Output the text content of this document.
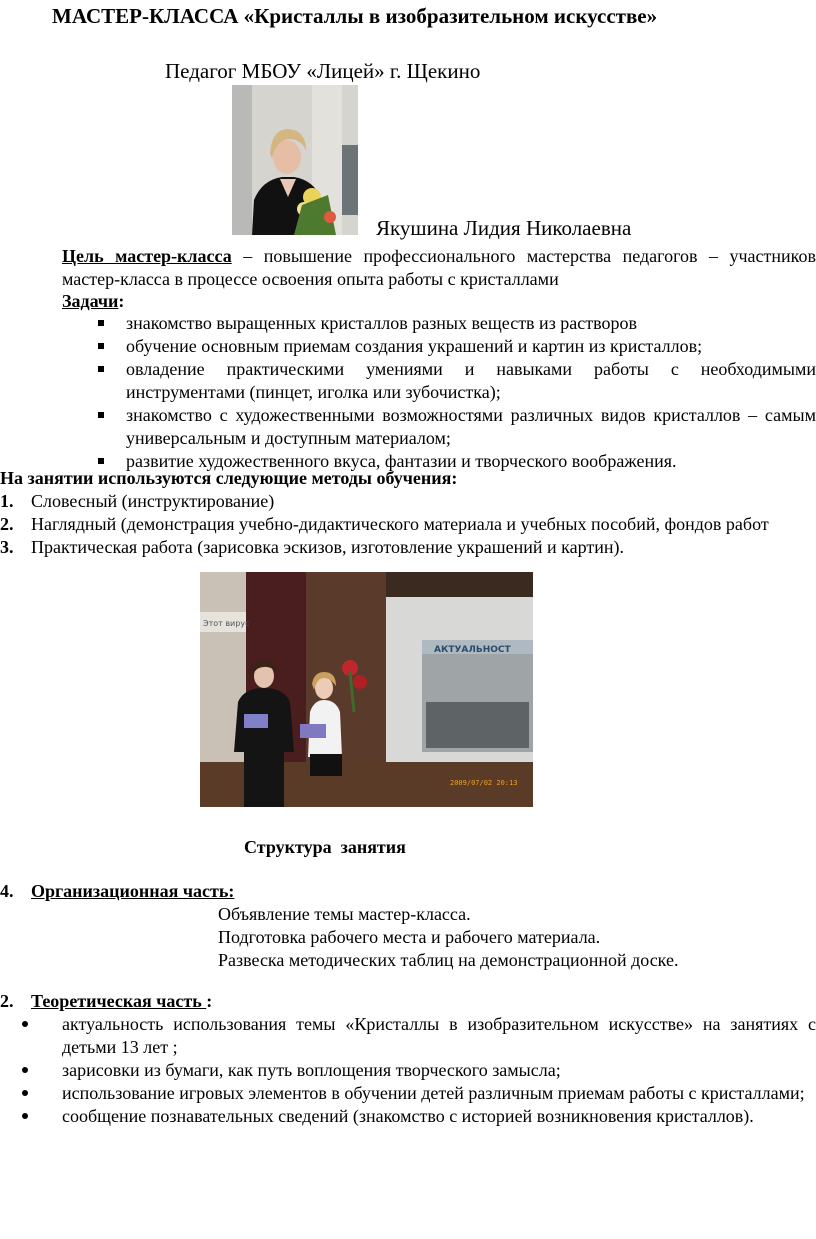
МАСТЕР-КЛАССА «Кристаллы в изобразительном искусстве»
Педагог МБОУ «Лицей» г. Щекино
Якушина Лидия Николаевна
Цель мастер-класса – повышение профессионального мастерства педагогов – участников мастер-класса в процессе освоения опыта работы с кристаллами
Задачи:
знакомство выращенных кристаллов разных веществ из растворов
обучение основным приемам создания украшений и картин из кристаллов;
овладение практическими умениями и навыками работы с необходимыми инструментами (пинцет, иголка или зубочистка);
знакомство с художественными возможностями различных видов кристаллов – самым универсальным и доступным материалом;
развитие художественного вкуса, фантазии и творческого воображения.
На занятии используются следующие методы обучения:
1. Словесный (инструктирование)
2. Наглядный (демонстрация учебно-дидактического материала и учебных пособий, фондов работ
3. Практическая работа (зарисовка эскизов, изготовление украшений и картин).
АКТУАЛЬНОСТ
Этот вирус
2009/07/02 20:13
Структура  занятия
4. Организационная часть:

Объявление темы мастер-класса.

Подготовка рабочего места и рабочего материала.

Развеска методических таблиц на демонстрационной доске.

2. Теоретическая часть :
актуальность использования темы «Кристаллы в изобразительном искусстве» на занятиях с детьми 13 лет ;
зарисовки из бумаги, как путь воплощения творческого замысла;
использование игровых элементов в обучении детей различным приемам работы с кристаллами;
сообщение познавательных сведений (знакомство с историей возникновения кристаллов).
